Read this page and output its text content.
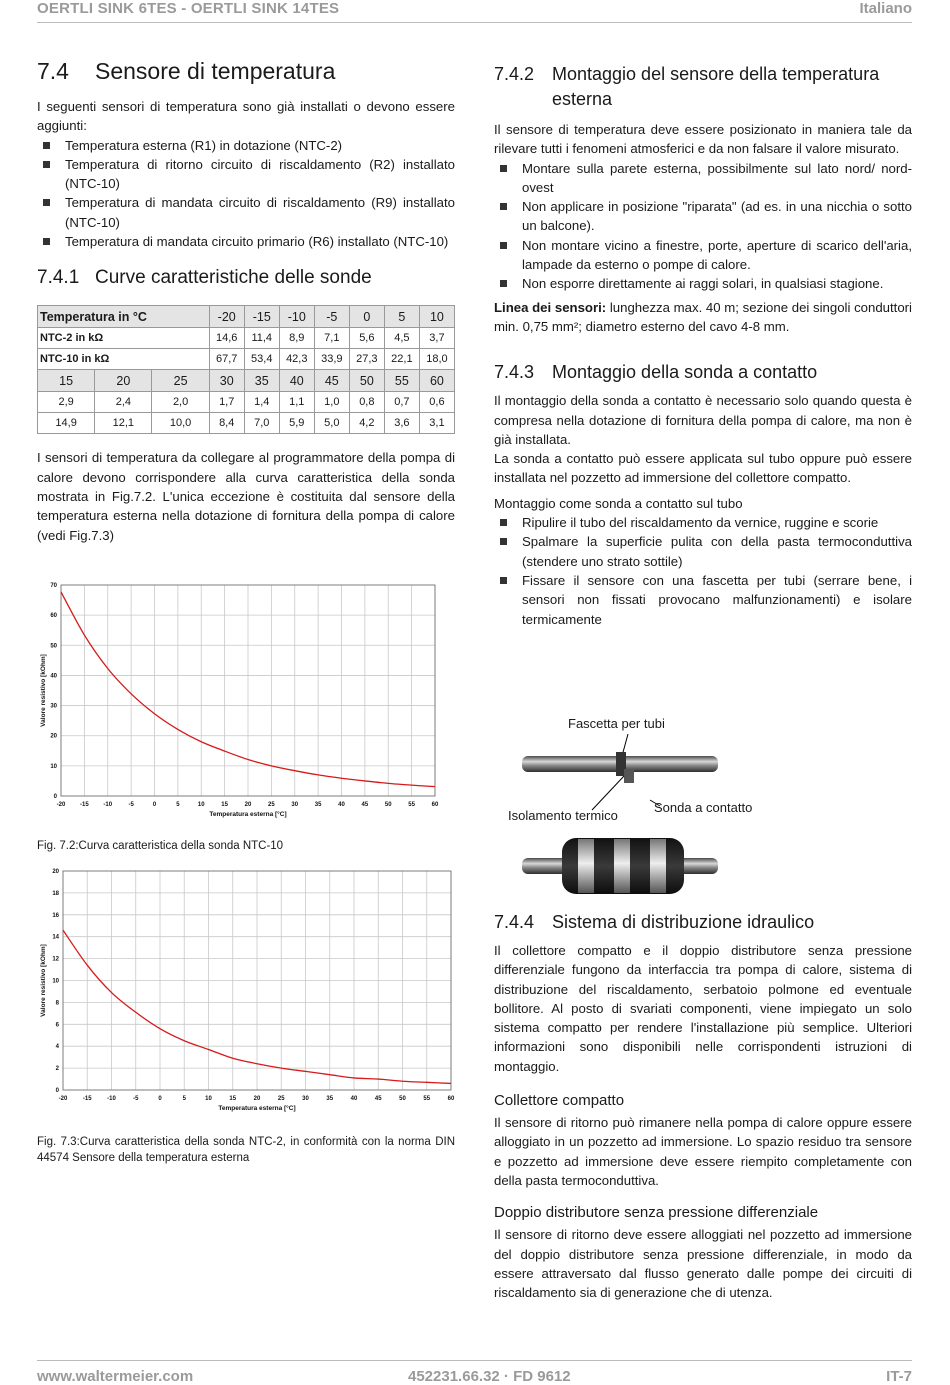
OERTLI SINK 6TES - OERTLI SINK 14TES	Italiano
www.waltermeier.com	452231.66.32 · FD 9612	IT-7
7.4 Sensore di temperatura

I seguenti sensori di temperatura sono già installati o devono essere aggiunti:

Temperatura esterna (R1) in dotazione (NTC-2)
Temperatura di ritorno circuito di riscaldamento (R2) installato (NTC-10)
Temperatura di mandata circuito di riscaldamento (R9) installato (NTC-10)
Temperatura di mandata circuito primario (R6) installato (NTC-10)
7.4.1 Curve caratteristiche delle sonde
Temperatura in °C			-20	-15	-10	-5	0	5	10
NTC-2 in kΩ			14,6	11,4	8,9	7,1	5,6	4,5	3,7
NTC-10 in kΩ			67,7	53,4	42,3	33,9	27,3	22,1	18,0
15	20	25	30	35	40	45	50	55	60
2,9	2,4	2,0	1,7	1,4	1,1	1,0	0,8	0,7	0,6
14,9	12,1	10,0	8,4	7,0	5,9	5,0	4,2	3,6	3,1

I sensori di temperatura da collegare al programmatore della pompa di calore devono corrispondere alla curva caratteristica della sonda mostrata in Fig.7.2. L'unica eccezione è costituita dal sensore della temperatura esterna nella dotazione di fornitura della pompa di calore (vedi Fig.7.3)

-20 -15 -10	-5	0	5	10	15	20	25	30	35	40	45	50	55	60
0
10
20
30
40
50
60
70
Temperatura esterna [°C]
Valore resistivo [kOhm]
Fig. 7.2:Curva caratteristica della sonda NTC-10
-20	-15	-10	-5	0	5	10	15	20	25	30	35	40	45	50	55	60
0
2
4
6
8
10
12
14
16
18
20
Temperatura esterna [°C]
Valore resistivo [kOhm]
Fig. 7.3:Curva caratteristica della sonda NTC-2, in conformità con la norma DIN 44574 Sensore della temperatura esterna
7.4.2 Montaggio del sensore della temperatura esterna

Il sensore di temperatura deve essere posizionato in maniera tale da rilevare tutti i fenomeni atmosferici e da non falsare il valore misurato.

Montare sulla parete esterna, possibilmente sul lato nord/ nord-ovest
Non applicare in posizione "riparata" (ad es. in una nicchia o sotto un balcone).
Non montare vicino a finestre, porte, aperture di scarico dell'aria, lampade da esterno o pompe di calore.
Non esporre direttamente ai raggi solari, in qualsiasi stagione.

Linea dei sensori: lunghezza max. 40 m; sezione dei singoli conduttori min. 0,75 mm²; diametro esterno del cavo 4-8 mm.

7.4.3 Montaggio della sonda a contatto

Il montaggio della sonda a contatto è necessario solo quando questa è compresa nella dotazione di fornitura della pompa di calore, ma non è già installata.

La sonda a contatto può essere applicata sul tubo oppure può essere installata nel pozzetto ad immersione del collettore compatto.

Montaggio come sonda a contatto sul tubo

Ripulire il tubo del riscaldamento da vernice, ruggine e scorie
Spalmare la superficie pulita con della pasta termoconduttiva (stendere uno strato sottile)
Fissare il sensore con una fascetta per tubi (serrare bene, i sensori non fissati provocano malfunzionamenti) e isolare termicamente
Fascetta per tubi
Isolamento termico
Sonda a contatto
7.4.4 Sistema di distribuzione idraulico

Il collettore compatto e il doppio distributore senza pressione differenziale fungono da interfaccia tra pompa di calore, sistema di distribuzione del riscaldamento, serbatoio polmone ed eventuale bollitore. Al posto di svariati componenti, viene impiegato un solo sistema compatto per rendere l'installazione più semplice. Ulteriori informazioni sono disponibili nelle corrispondenti istruzioni di montaggio.

Collettore compatto

Il sensore di ritorno può rimanere nella pompa di calore oppure essere alloggiato in un pozzetto ad immersione. Lo spazio residuo tra sensore e pozzetto ad immersione deve essere riempito completamente con della pasta termoconduttiva.

Doppio distributore senza pressione differenziale

Il sensore di ritorno deve essere alloggiati nel pozzetto ad immersione del doppio distributore senza pressione differenziale, in modo da essere attraversato dal flusso generato dalle pompe dei circuiti di riscaldamento sia di generazione che di utenza.
